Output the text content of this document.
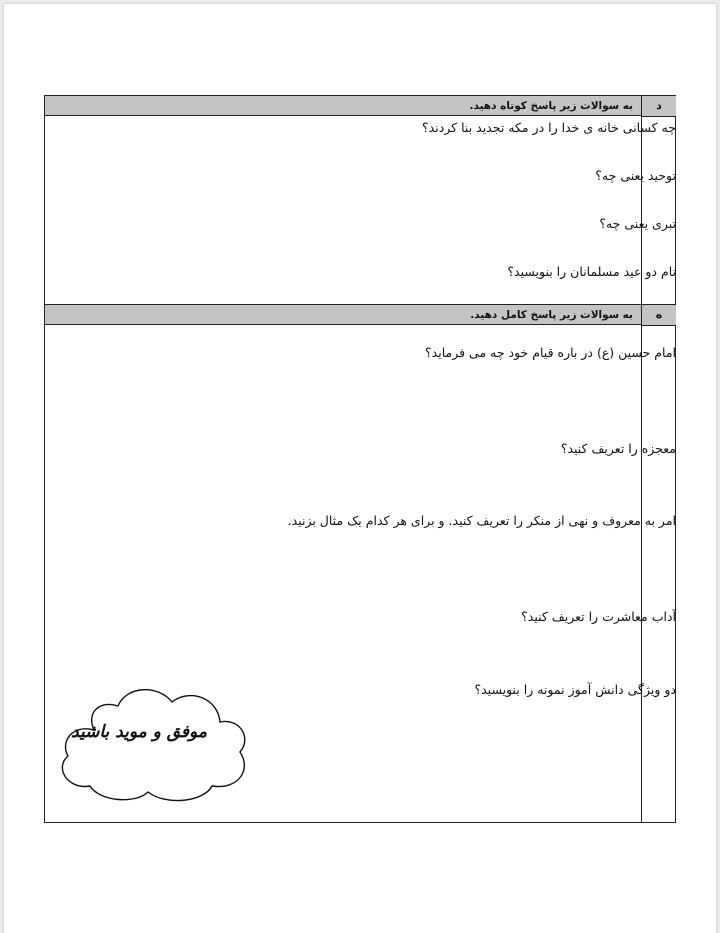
به سوالات زیر پاسخ کوتاه دهید.	د
به سوالات زیر پاسخ کامل دهید.	ه
چه کسانی خانه ی خدا را در مکه تجدید بنا کردند؟
توحید یعنی چه؟
تبری یعنی چه؟
نام دو عید مسلمانان را بنویسید؟
امام حسین (ع) در باره قیام خود چه می فرماید؟
معجزه را تعریف کنید؟
امر به معروف و نهی از منکر را تعریف کنید. و برای هر کدام یک مثال بزنید.
آداب معاشرت را تعریف کنید؟
دو ویژگی دانش آموز نمونه را بنویسید؟
موفق و موید باشید
